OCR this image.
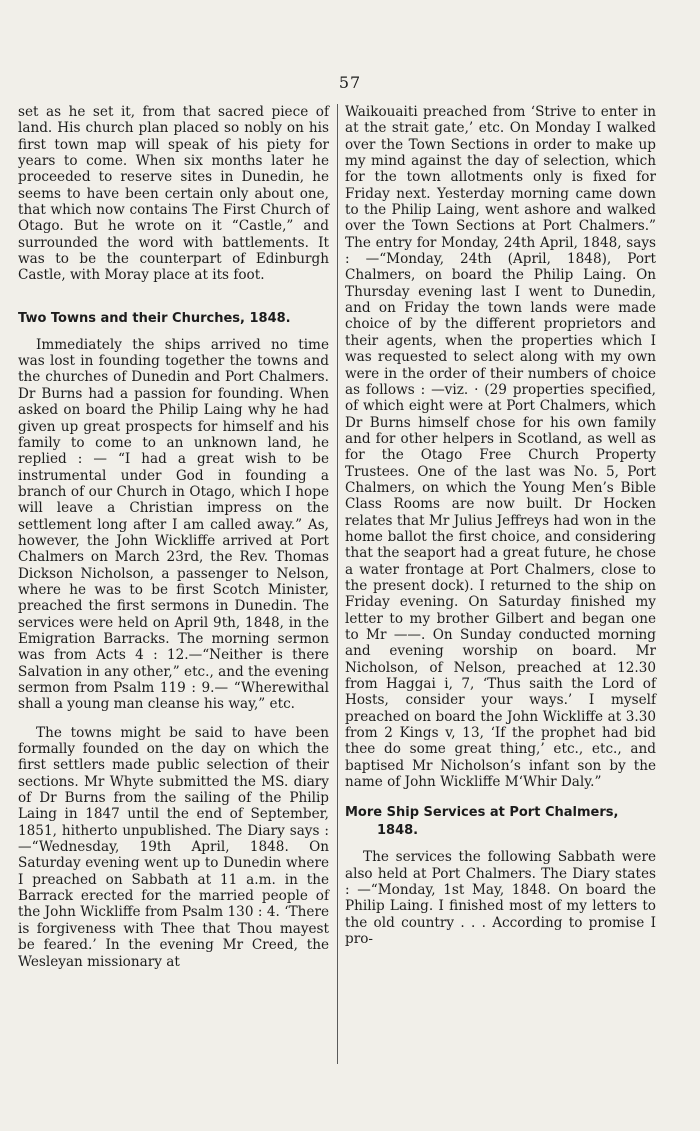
57

set as he set it, from that sacred piece of land. His church plan placed so nobly on his first town map will speak of his piety for years to come. When six months later he proceeded to reserve sites in Dunedin, he seems to have been certain only about one, that which now contains The First Church of Otago. But he wrote on it “Castle,” and surrounded the word with battlements. It was to be the counterpart of Edinburgh Castle, with Moray place at its foot.

Two Towns and their Churches, 1848.

Immediately the ships arrived no time was lost in founding together the towns and the churches of Dunedin and Port Chalmers. Dr Burns had a passion for founding. When asked on board the Philip Laing why he had given up great prospects for himself and his family to come to an unknown land, he replied : — “I had a great wish to be instrumental under God in founding a branch of our Church in Otago, which I hope will leave a Christian impress on the settlement long after I am called away.” As, however, the John Wickliffe arrived at Port Chalmers on March 23rd, the Rev. Thomas Dickson Nicholson, a passenger to Nelson, where he was to be first Scotch Minister, preached the first sermons in Dunedin. The services were held on April 9th, 1848, in the Emigration Barracks. The morning sermon was from Acts 4 : 12.—“Neither is there Salvation in any other,” etc., and the evening sermon from Psalm 119 : 9.— “Wherewithal shall a young man cleanse his way,” etc.

The towns might be said to have been formally founded on the day on which the first settlers made public selection of their sections. Mr Whyte submitted the MS. diary of Dr Burns from the sailing of the Philip Laing in 1847 until the end of September, 1851, hitherto unpublished. The Diary says : —“Wednesday, 19th April, 1848. On Saturday evening went up to Dunedin where I preached on Sabbath at 11 a.m. in the Barrack erected for the married people of the John Wickliffe from Psalm 130 : 4. ‘There is forgiveness with Thee that Thou mayest be feared.’ In the evening Mr Creed, the Wesleyan missionary at

Waikouaiti preached from ‘Strive to enter in at the strait gate,’ etc. On Monday I walked over the Town Sections in order to make up my mind against the day of selection, which for the town allotments only is fixed for Friday next. Yesterday morning came down to the Philip Laing, went ashore and walked over the Town Sections at Port Chalmers.” The entry for Monday, 24th April, 1848, says : —“Monday, 24th (April, 1848), Port Chalmers, on board the Philip Laing. On Thursday evening last I went to Dunedin, and on Friday the town lands were made choice of by the different proprietors and their agents, when the properties which I was requested to select along with my own were in the order of their numbers of choice as follows : —viz. · (29 properties specified, of which eight were at Port Chalmers, which Dr Burns himself chose for his own family and for other helpers in Scotland, as well as for the Otago Free Church Property Trustees. One of the last was No. 5, Port Chalmers, on which the Young Men’s Bible Class Rooms are now built. Dr Hocken relates that Mr Julius Jeffreys had won in the home ballot the first choice, and considering that the seaport had a great future, he chose a water frontage at Port Chalmers, close to the present dock). I returned to the ship on Friday evening. On Saturday finished my letter to my brother Gilbert and began one to Mr ——. On Sunday conducted morning and evening worship on board. Mr Nicholson, of Nelson, preached at 12.30 from Haggai i, 7, ‘Thus saith the Lord of Hosts, consider your ways.’ I myself preached on board the John Wickliffe at 3.30 from 2 Kings v, 13, ‘If the prophet had bid thee do some great thing,’ etc., etc., and baptised Mr Nicholson’s infant son by the name of John Wickliffe M‘Whir Daly.”

More Ship Services at Port Chalmers,
1848.

The services the following Sabbath were also held at Port Chalmers. The Diary states : —“Monday, 1st May, 1848. On board the Philip Laing. I finished most of my letters to the old country . . . According to promise I pro-
